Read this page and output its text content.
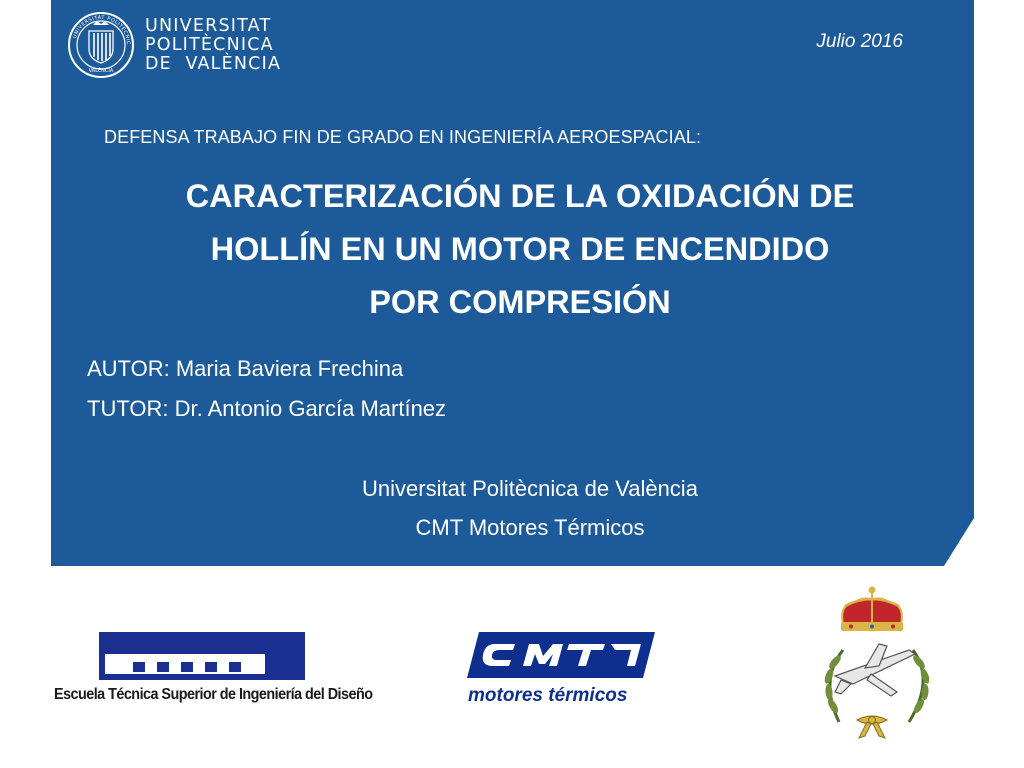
UNIVERSITAT POLITÈCNIC
VALÈNCIA
UNIVERSITAT
POLITÈCNICA
DE  VALÈNCIA
Julio 2016
DEFENSA TRABAJO FIN DE GRADO EN INGENIERÍA AEROESPACIAL:
CARACTERIZACIÓN DE LA OXIDACIÓN DE
HOLLÍN EN UN MOTOR DE ENCENDIDO
POR COMPRESIÓN
AUTOR: Maria Baviera Frechina
TUTOR: Dr. Antonio García Martínez
Universitat Politècnica de València
CMT Motores Térmicos
Escuela Técnica Superior de Ingeniería del Diseño	motores térmicos
